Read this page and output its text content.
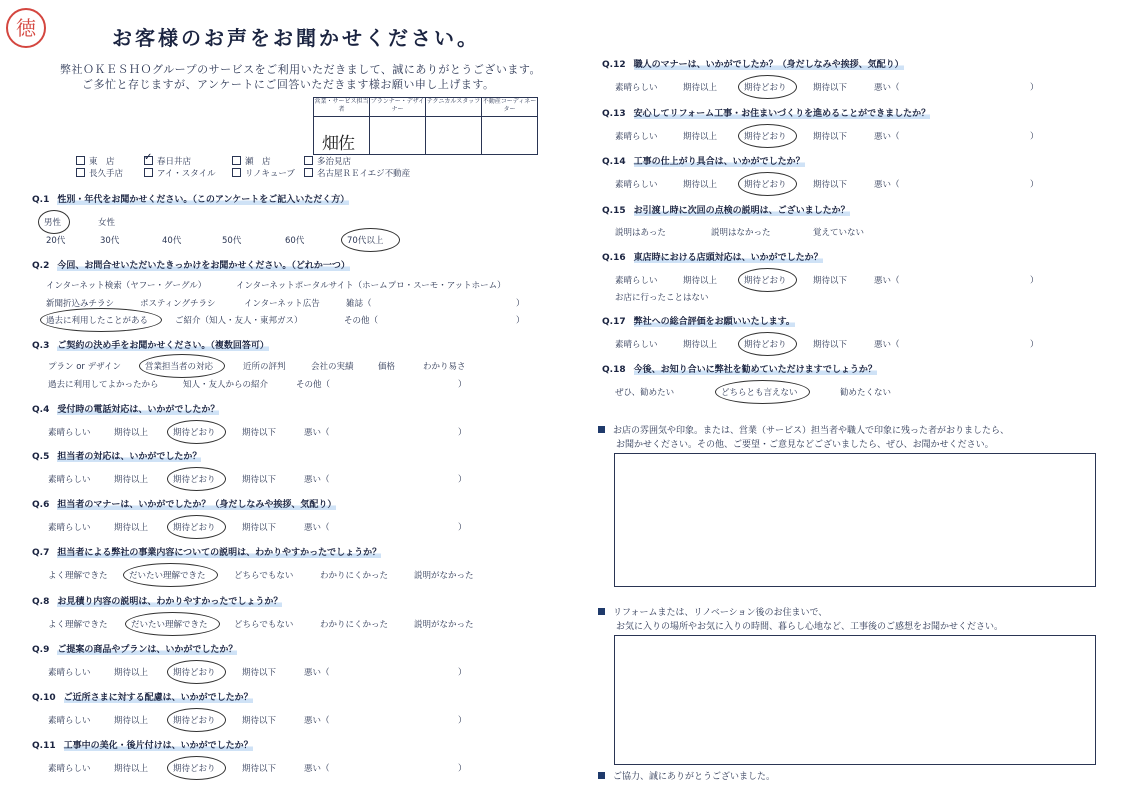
徳	お客様のお声をお聞かせください。
弊社ＯＫＥＳＨＯグループのサービスをご利用いただきまして、誠にありがとうございます。
ご多忙と存じますが、アンケートにご回答いただきます様お願い申し上げます。
営業・サービス担当者	プランナー・デザイナー	テクニカルスタッフ	不動産コーディネーター

畑佐			

東　店 ✓	春日井店	瀬　店	多治見店
長久手店	アイ・スタイル	リノキューブ	名古屋ＲＥイエジ不動産
Q.1 性別・年代をお聞かせください。（このアンケートをご記入いただく方）
男性	女性
20代	30代	40代	50代	60代	70代以上
Q.2 今回、お問合せいただいたきっかけをお聞かせください。（どれか一つ）
インターネット検索（ヤフー・グーグル）	インターネットポータルサイト（ホームプロ・スーモ・アットホーム）
新聞折込みチラシ	ポスティングチラシ	インターネット広告	雑誌（	）
過去に利用したことがある	ご紹介（知人・友人・東邦ガス）	その他（	）
Q.3 ご契約の決め手をお聞かせください。（複数回答可）
プラン or デザイン	営業担当者の対応	近所の評判	会社の実績	価格	わかり易さ
過去に利用してよかったから	知人・友人からの紹介	その他（	）
Q.4 受付時の電話対応は、いかがでしたか？
素晴らしい	期待以上	期待どおり	期待以下	悪い（	）
Q.5 担当者の対応は、いかがでしたか？
素晴らしい	期待以上	期待どおり	期待以下	悪い（	）
Q.6 担当者のマナーは、いかがでしたか？（身だしなみや挨拶、気配り）
素晴らしい	期待以上	期待どおり	期待以下	悪い（	）
Q.7 担当者による弊社の事業内容についての説明は、わかりやすかったでしょうか？
よく理解できた	だいたい理解できた	どちらでもない	わかりにくかった	説明がなかった
Q.8 お見積り内容の説明は、わかりやすかったでしょうか？
よく理解できた	だいたい理解できた	どちらでもない	わかりにくかった	説明がなかった
Q.9 ご提案の商品やプランは、いかがでしたか？
素晴らしい	期待以上	期待どおり	期待以下	悪い（	）
Q.10 ご近所さまに対する配慮は、いかがでしたか？
素晴らしい	期待以上	期待どおり	期待以下	悪い（	）
Q.11 工事中の美化・後片付けは、いかがでしたか？
素晴らしい	期待以上	期待どおり	期待以下	悪い（	）
Q.12 職人のマナーは、いかがでしたか？（身だしなみや挨拶、気配り）
素晴らしい	期待以上	期待どおり	期待以下	悪い（	）
Q.13 安心してリフォーム工事・お住まいづくりを進めることができましたか？
素晴らしい	期待以上	期待どおり	期待以下	悪い（	）
Q.14 工事の仕上がり具合は、いかがでしたか？
素晴らしい	期待以上	期待どおり	期待以下	悪い（	）
Q.15 お引渡し時に次回の点検の説明は、ございましたか？
説明はあった	説明はなかった	覚えていない
Q.16 東店時における店頭対応は、いかがでしたか？
素晴らしい	期待以上	期待どおり	期待以下	悪い（	）
お店に行ったことはない
Q.17 弊社への総合評価をお願いいたします。
素晴らしい	期待以上	期待どおり	期待以下	悪い（	）
Q.18 今後、お知り合いに弊社を勧めていただけますでしょうか？
ぜひ、勧めたい	どちらとも言えない	勧めたくない
お店の雰囲気や印象。または、営業（サービス）担当者や職人で印象に残った者がおりましたら、
お聞かせください。その他、ご要望・ご意見などございましたら、ぜひ、お聞かせください。
リフォームまたは、リノベーション後のお住まいで、
お気に入りの場所やお気に入りの時間、暮らし心地など、工事後のご感想をお聞かせください。
ご協力、誠にありがとうございました。
